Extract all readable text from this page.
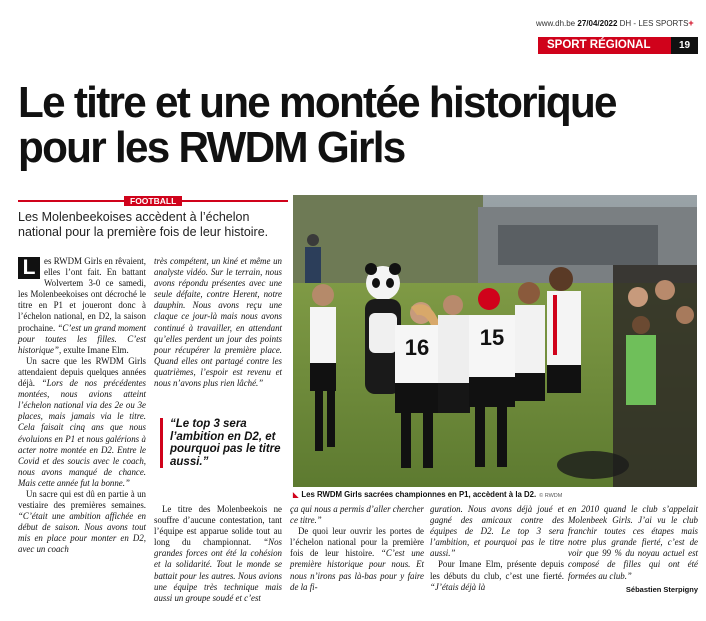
www.dh.be 27/04/2022 DH - LES SPORTS+
SPORT RÉGIONAL	19
Le titre et une montée historique
pour les RWDM Girls
FOOTBALL

Les Molenbeekoises accèdent à l’échelon national pour la première fois de leur histoire.

L es RWDM Girls en rêvaient, elles l’ont fait. En battant Wolvertem 3-0 ce samedi, les Molenbeekoises ont décroché le titre en P1 et joueront donc à l’échelon national, en D2, la saison prochaine. “C’est un grand moment pour toutes les filles. C’est historique”, exulte Imane Elm.

Un sacre que les RWDM Girls attendaient depuis quelques années déjà. “Lors de nos précédentes montées, nous avions atteint l’échelon national via des 2e ou 3e places, mais jamais via le titre. Cela faisait cinq ans que nous évoluions en P1 et nous galérions à acter notre montée en D2. Entre le Covid et des soucis avec le coach, nous avons manqué de chance. Mais cette année fut la bonne.”

Un sacre qui est dû en partie à un vestiaire des premières semaines. “C’était une ambition affichée en début de saison. Nous avons tout mis en place pour monter en D2, avec un coach

très compétent, un kiné et même un analyste vidéo. Sur le terrain, nous avons répondu présentes avec une seule défaite, contre Herent, notre dauphin. Nous avons reçu une claque ce jour-là mais nous avons continué à travailler, en attendant qu’elles perdent un jour des points pour récupérer la première place. Quand elles ont partagé contre les quatrièmes, l’espoir est revenu et nous n’avons plus rien lâché.”

“Le top 3 sera l’ambition en D2, et pourquoi pas le titre aussi.”

Le titre des Molenbeekois ne souffre d’aucune contestation, tant l’équipe est apparue solide tout au long du championnat. “Nos grandes forces ont été la cohésion et la solidarité. Tout le monde se battait pour les autres. Nous avions une équipe très technique mais aussi un groupe soudé et c’est

ça qui nous a permis d’aller chercher ce titre.”

De quoi leur ouvrir les portes de l’échelon national pour la première fois de leur histoire. “C’est une première historique pour nous. Et nous n’irons pas là-bas pour y faire de la fi-

guration. Nous avons déjà joué et gagné des amicaux contre des équipes de D2. Le top 3 sera l’ambition, et pourquoi pas le titre aussi.”

Pour Imane Elm, présente depuis les débuts du club, c’est une fierté. “J’étais déjà là

en 2010 quand le club s’appelait Molenbeek Girls. J’ai vu le club franchir toutes ces étapes mais notre plus grande fierté, c’est de voir que 99 % du noyau actuel est composé de filles qui ont été formées au club.”

Sébastien Sterpigny
16 15
◣ Les RWDM Girls sacrées championnes en P1, accèdent à la D2. © RWDM
